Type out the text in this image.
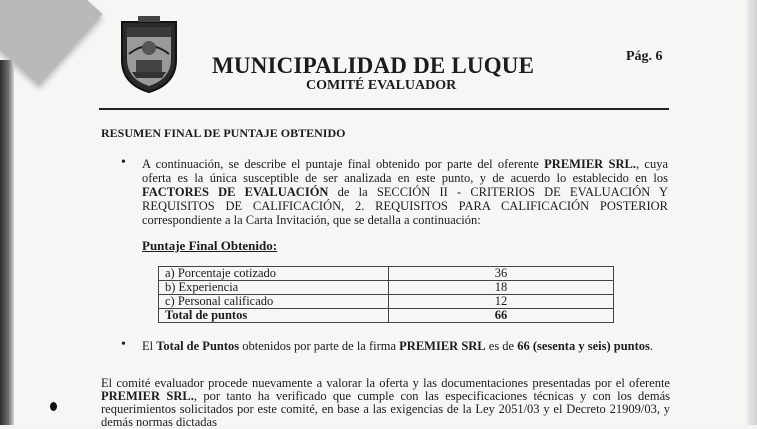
MUNICIPALIDAD DE LUQUE
COMITÉ EVALUADOR
Pág. 6
RESUMEN FINAL DE PUNTAJE OBTENIDO
• A continuación, se describe el puntaje final obtenido por parte del oferente PREMIER SRL., cuya oferta es la única susceptible de ser analizada en este punto, y de acuerdo lo establecido en los FACTORES DE EVALUACIÓN de la SECCIÓN II - CRITERIOS DE EVALUACIÓN Y REQUISITOS DE CALIFICACIÓN, 2. REQUISITOS PARA CALIFICACIÓN POSTERIOR correspondiente a la Carta Invitación, que se detalla a continuación:
Puntaje Final Obtenido:
a) Porcentaje cotizado	36
b) Experiencia	18
c) Personal calificado	12
Total de puntos	66
• El Total de Puntos obtenidos por parte de la firma PREMIER SRL es de 66 (sesenta y seis) puntos.
El comité evaluador procede nuevamente a valorar la oferta y las documentaciones presentadas por el oferente PREMIER SRL., por tanto ha verificado que cumple con las especificaciones técnicas y con los demás requerimientos solicitados por este comité, en base a las exigencias de la Ley 2051/03 y el Decreto 21909/03, y demás normas dictadas
